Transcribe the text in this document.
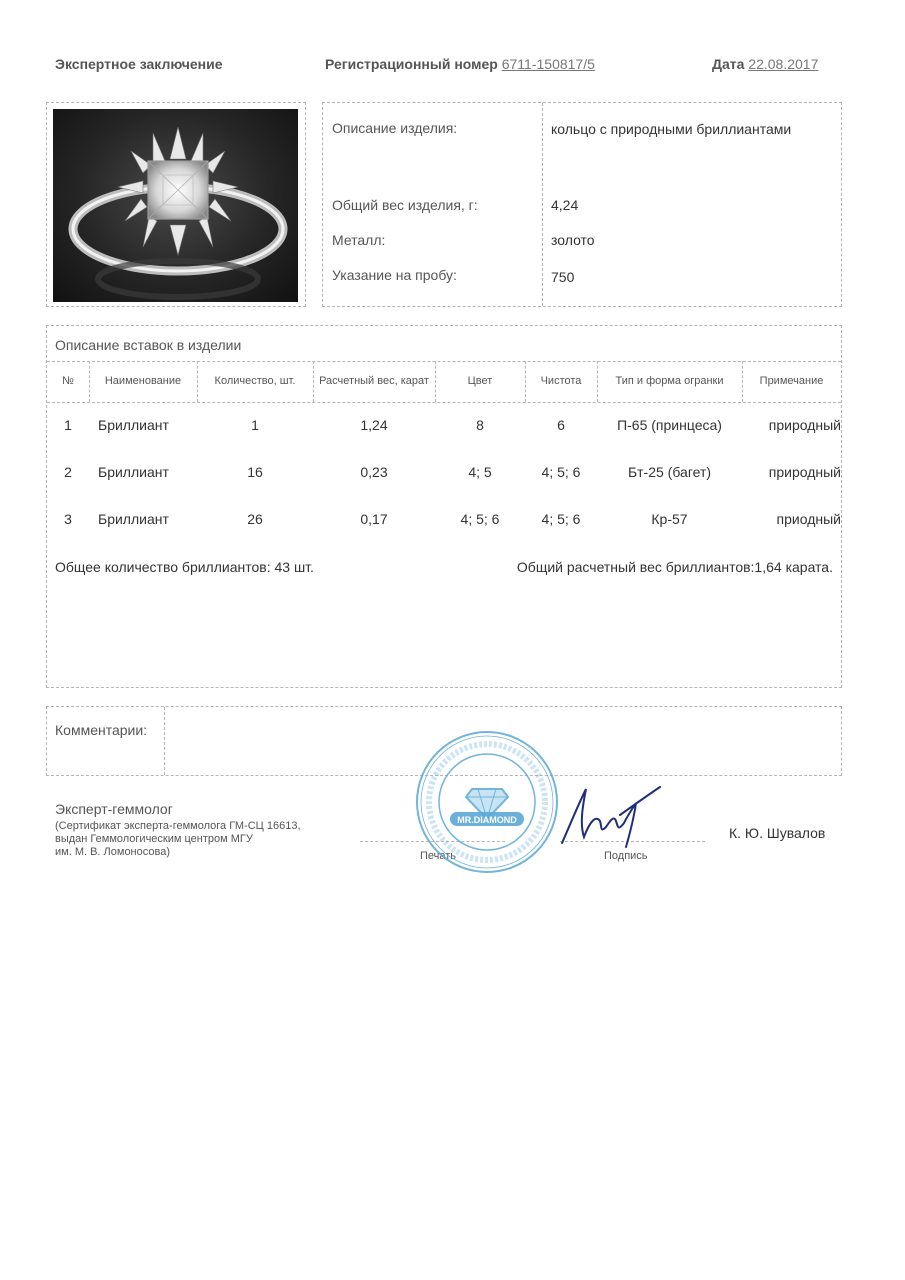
Экспертное заключение	Регистрационный номер 6711-150817/5	Дата 22.08.2017
Описание изделия:	кольцо с природными бриллиантами
Общий вес изделия, г:	4,24
Металл:	золото
Указание на пробу:	750
Описание вставок в изделии
№	Наименование	Количество, шт.	Расчетный вес, карат	Цвет	Чистота	Тип и форма огранки	Примечание
1	Бриллиант	1	1,24	8	6	П-65 (принцеса)	природный
2	Бриллиант	16	0,23	4; 5	4; 5; 6	Бт-25 (багет)	природный
3	Бриллиант	26	0,17	4; 5; 6	4; 5; 6	Кр-57	приодный
Общее количество бриллиантов: 43 шт.	Общий расчетный вес бриллиантов:1,64 карата.
Комментарии:
Эксперт-геммолог
(Сертификат эксперта-геммолога ГМ-СЦ 16613,
выдан Геммологическим центром МГУ
им. М. В. Ломоносова)	Печать	Подпись
К. Ю. Шувалов
MR.DIAMOND
